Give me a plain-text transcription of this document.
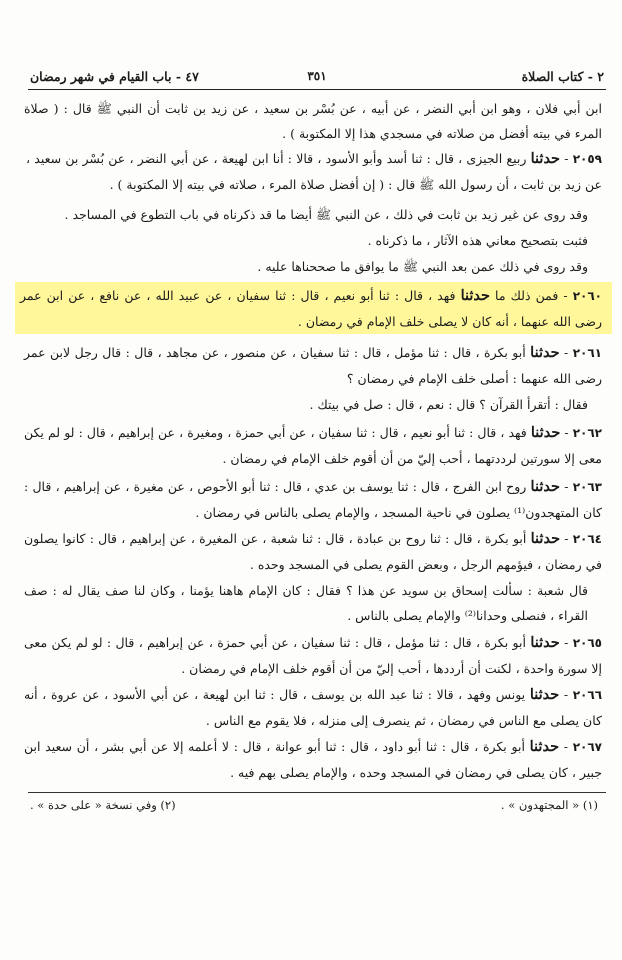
٢ - كتاب الصلاة
٣٥١
٤٧ - باب القيام في شهر رمضان
ابن أبي فلان ، وهو ابن أبي النضر ، عن أبيه ، عن بُسْر بن سعيد ، عن زيد بن ثابت أن النبي ﷺ قال : ( صلاة المرء في بيته أفضل من صلاته في مسجدي هذا إلا المكتوبة ) .
٢٠٥٩ - حدثنا ربيع الجيزى ، قال : ثنا أسد وأبو الأسود ، قالا : أنا ابن لهيعة ، عن أبي النضر ، عن بُسْر بن سعيد ، عن زيد بن ثابت ، أن رسول الله ﷺ قال : ( إن أفضل صلاة المرء ، صلاته في بيته إلا المكتوبة ) .
وقد روى عن غير زيد بن ثابت في ذلك ، عن النبي ﷺ أيضا ما قد ذكرناه في باب التطوع في المساجد .
فثبت بتصحيح معاني هذه الآثار ، ما ذكرناه .
وقد روى في ذلك عمن بعد النبي ﷺ ما يوافق ما صححناها عليه .
٢٠٦٠ - فمن ذلك ما حدثنا فهد ، قال : ثنا أبو نعيم ، قال : ثنا سفيان ، عن عبيد الله ، عن نافع ، عن ابن عمر رضى الله عنهما ، أنه كان لا يصلى خلف الإمام في رمضان .
٢٠٦١ - حدثنا أبو بكرة ، قال : ثنا مؤمل ، قال : ثنا سفيان ، عن منصور ، عن مجاهد ، قال : قال رجل لابن عمر رضى الله عنهما : أصلى خلف الإمام في رمضان ؟
فقال : أتقرأ القرآن ؟ قال : نعم ، قال : صل في بيتك .
٢٠٦٢ - حدثنا فهد ، قال : ثنا أبو نعيم ، قال : ثنا سفيان ، عن أبي حمزة ، ومغيرة ، عن إبراهيم ، قال : لو لم يكن معى إلا سورتين لرددتهما ، أحب إليّ من أن أقوم خلف الإمام في رمضان .
٢٠٦٣ - حدثنا روح ابن الفرج ، قال : ثنا يوسف بن عدي ، قال : ثنا أبو الأحوص ، عن مغيرة ، عن إبراهيم ، قال : كان المتهجدون⁽¹⁾ يصلون في ناحية المسجد ، والإمام يصلى بالناس في رمضان .
٢٠٦٤ - حدثنا أبو بكرة ، قال : ثنا روح بن عبادة ، قال : ثنا شعبة ، عن المغيرة ، عن إبراهيم ، قال : كانوا يصلون في رمضان ، فيؤمهم الرجل ، وبعض القوم يصلى في المسجد وحده .
قال شعبة : سألت إسحاق بن سويد عن هذا ؟ فقال : كان الإمام هاهنا يؤمنا ، وكان لنا صف يقال له : صف القراء ، فنصلى وحدانا⁽²⁾ والإمام يصلى بالناس .
٢٠٦٥ - حدثنا أبو بكرة ، قال : ثنا مؤمل ، قال : ثنا سفيان ، عن أبي حمزة ، عن إبراهيم ، قال : لو لم يكن معى إلا سورة واحدة ، لكنت أن أرددها ، أحب إليّ من أن أقوم خلف الإمام في رمضان .
٢٠٦٦ - حدثنا يونس وفهد ، قالا : ثنا عبد الله بن يوسف ، قال : ثنا ابن لهيعة ، عن أبي الأسود ، عن عروة ، أنه كان يصلى مع الناس في رمضان ، ثم ينصرف إلى منزله ، فلا يقوم مع الناس .
٢٠٦٧ - حدثنا أبو بكرة ، قال : ثنا أبو داود ، قال : ثنا أبو عوانة ، قال : لا أعلمه إلا عن أبي بشر ، أن سعيد ابن جبير ، كان يصلى في رمضان في المسجد وحده ، والإمام يصلى بهم فيه .
(١) « المجتهدون » .
(٢) وفي نسخة « على حدة » .
